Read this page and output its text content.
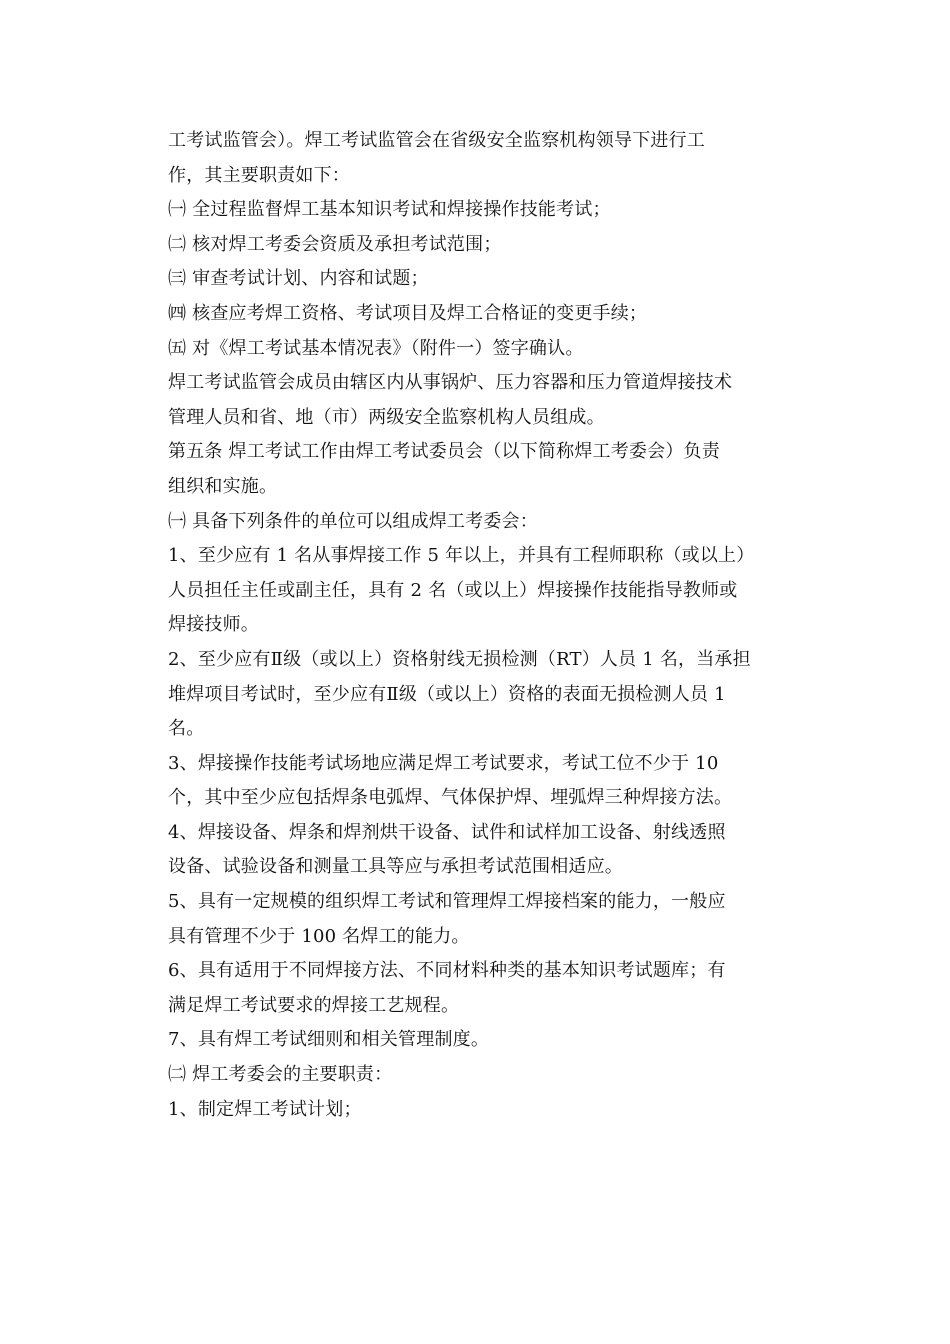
工考试监管会）。焊工考试监管会在省级安全监察机构领导下进行工
作，其主要职责如下：
㈠ 全过程监督焊工基本知识考试和焊接操作技能考试；
㈡ 核对焊工考委会资质及承担考试范围；
㈢ 审查考试计划、内容和试题；
㈣ 核查应考焊工资格、考试项目及焊工合格证的变更手续；
㈤ 对《焊工考试基本情况表》（附件一）签字确认。
焊工考试监管会成员由辖区内从事锅炉、压力容器和压力管道焊接技术
管理人员和省、地（市）两级安全监察机构人员组成。
第五条 焊工考试工作由焊工考试委员会（以下简称焊工考委会）负责
组织和实施。
㈠ 具备下列条件的单位可以组成焊工考委会：
1、至少应有 1 名从事焊接工作 5 年以上，并具有工程师职称（或以上）
人员担任主任或副主任，具有 2 名（或以上）焊接操作技能指导教师或
焊接技师。
2、至少应有Ⅱ级（或以上）资格射线无损检测（RT）人员 1 名，当承担
堆焊项目考试时，至少应有Ⅱ级（或以上）资格的表面无损检测人员 1
名。
3、焊接操作技能考试场地应满足焊工考试要求，考试工位不少于 10
个，其中至少应包括焊条电弧焊、气体保护焊、埋弧焊三种焊接方法。
4、焊接设备、焊条和焊剂烘干设备、试件和试样加工设备、射线透照
设备、试验设备和测量工具等应与承担考试范围相适应。
5、具有一定规模的组织焊工考试和管理焊工焊接档案的能力，一般应
具有管理不少于 100 名焊工的能力。
6、具有适用于不同焊接方法、不同材料种类的基本知识考试题库；有
满足焊工考试要求的焊接工艺规程。
7、具有焊工考试细则和相关管理制度。
㈡ 焊工考委会的主要职责：
1、制定焊工考试计划；
